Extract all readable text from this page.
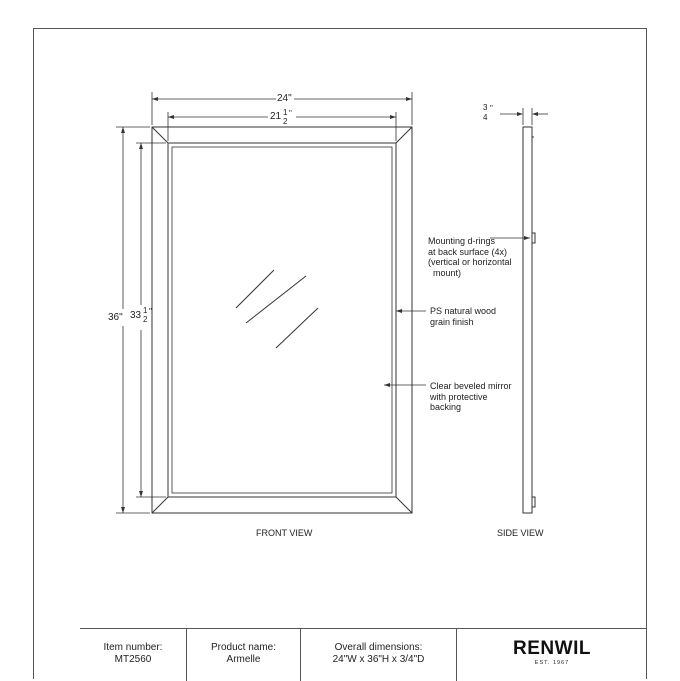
24"
21 1 "
2
36" 33 1 "
2
3 "
4
Mounting d-rings
at back surface (4x)
(vertical or horizontal
mount)
PS natural wood
grain finish
Clear beveled mirror
with protective
backing
FRONT VIEW	SIDE VIEW
Item number:
MT2560
Product name:
Armelle
Overall dimensions:
24"W x 36"H x 3/4"D
RENWIL
EST. 1967
